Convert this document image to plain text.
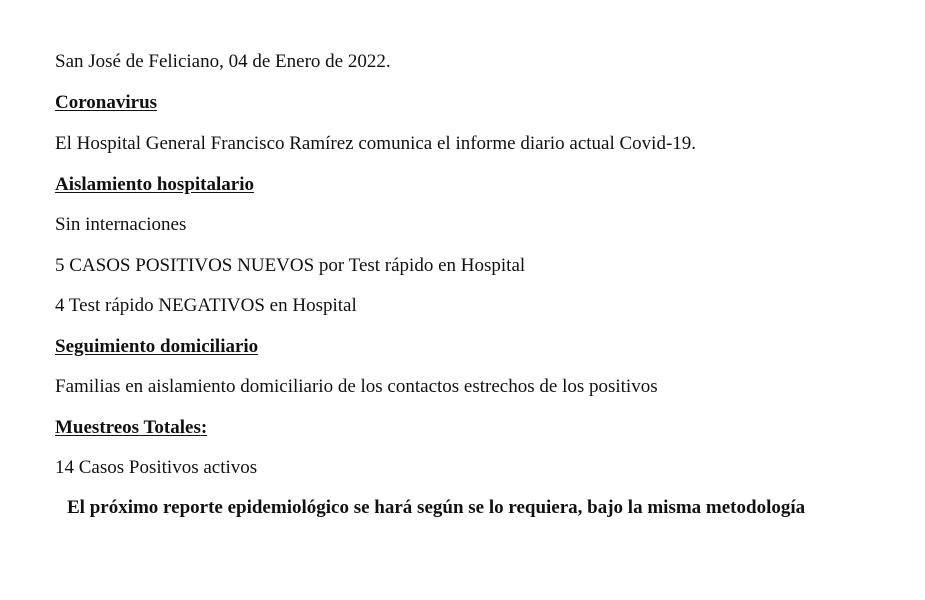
San José de Feliciano, 04 de Enero de 2022.
Coronavirus
El Hospital General Francisco Ramírez comunica el informe diario actual Covid-19.
Aislamiento hospitalario
Sin internaciones
5 CASOS POSITIVOS NUEVOS por Test rápido en Hospital
4 Test rápido NEGATIVOS en Hospital
Seguimiento domiciliario
Familias en aislamiento domiciliario de los contactos estrechos de los positivos
Muestreos Totales:
14 Casos Positivos activos
El próximo reporte epidemiológico se hará según se lo requiera, bajo la misma metodología
